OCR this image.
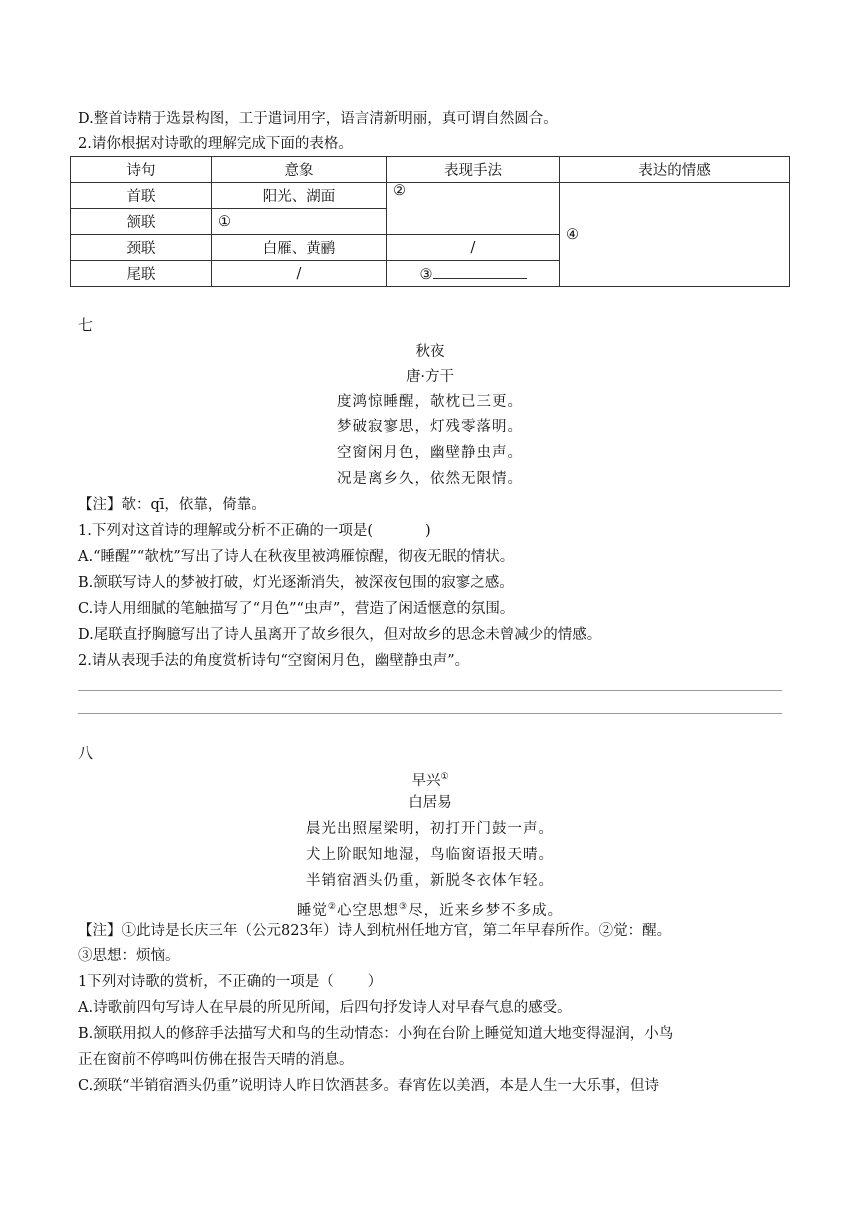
D.整首诗精于选景构图，工于遣词用字，语言清新明丽，真可谓自然圆合。
2.请你根据对诗歌的理解完成下面的表格。
诗句	意象	表现手法	表达的情感
首联	阳光、湖面	②	④
颔联	①		
颈联	白雁、黄鹂	/	
尾联	/	③	
七
秋夜
唐·方干
度鸿惊睡醒，欹枕已三更。
梦破寂寥思，灯残零落明。
空窗闲月色，幽壁静虫声。
况是离乡久，依然无限情。
【注】欹：qī，依靠，倚靠。
1.下列对这首诗的理解或分析不正确的一项是(	)
A.“睡醒”“欹枕”写出了诗人在秋夜里被鸿雁惊醒，彻夜无眠的情状。
B.颔联写诗人的梦被打破，灯光逐渐消失，被深夜包围的寂寥之感。
C.诗人用细腻的笔触描写了“月色”“虫声”，营造了闲适惬意的氛围。
D.尾联直抒胸臆写出了诗人虽离开了故乡很久，但对故乡的思念未曾减少的情感。
2.请从表现手法的角度赏析诗句“空窗闲月色，幽壁静虫声”。
八
早兴①
白居易
晨光出照屋梁明，初打开门鼓一声。
犬上阶眠知地湿，鸟临窗语报天晴。
半销宿酒头仍重，新脱冬衣体乍轻。
睡觉②心空思想③尽，近来乡梦不多成。
【注】①此诗是长庆三年（公元823年）诗人到杭州任地方官，第二年早春所作。②觉：醒。
③思想：烦恼。
1下列对诗歌的赏析，不正确的一项是（ ）
A.诗歌前四句写诗人在早晨的所见所闻，后四句抒发诗人对早春气息的感受。
B.颔联用拟人的修辞手法描写犬和鸟的生动情态：小狗在台阶上睡觉知道大地变得湿润，小鸟
正在窗前不停鸣叫仿佛在报告天晴的消息。
C.颈联“半销宿酒头仍重”说明诗人昨日饮酒甚多。春宵佐以美酒，本是人生一大乐事，但诗
